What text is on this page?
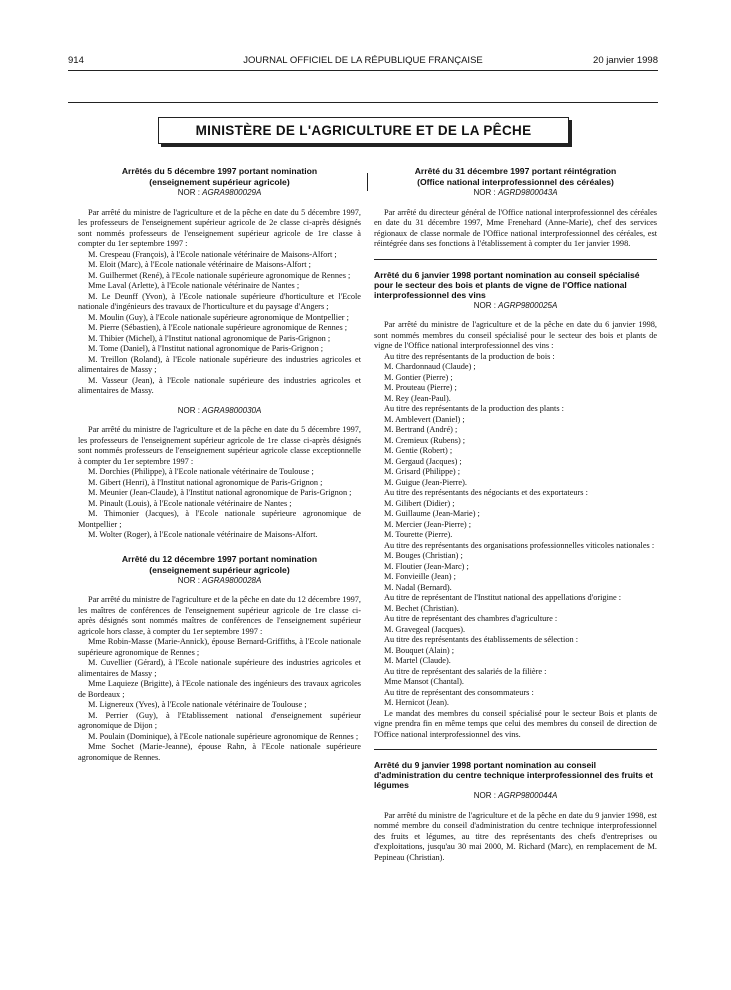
914	JOURNAL OFFICIEL DE LA RÉPUBLIQUE FRANÇAISE	20 janvier 1998
MINISTÈRE DE L'AGRICULTURE ET DE LA PÊCHE
Arrêtés du 5 décembre 1997 portant nomination
(enseignement supérieur agricole)
NOR : AGRA9800029A

Par arrêté du ministre de l'agriculture et de la pêche en date du 5 décembre 1997, les professeurs de l'enseignement supérieur agricole de 2e classe ci-après désignés sont nommés professeurs de l'enseignement supérieur agricole de 1re classe à compter du 1er septembre 1997 :

M. Crespeau (François), à l'Ecole nationale vétérinaire de Maisons-Alfort ;

M. Eloit (Marc), à l'Ecole nationale vétérinaire de Maisons-Alfort ;

M. Guilhermet (René), à l'Ecole nationale supérieure agronomique de Rennes ;

Mme Laval (Arlette), à l'Ecole nationale vétérinaire de Nantes ;

M. Le Deunff (Yvon), à l'Ecole nationale supérieure d'horticulture et l'Ecole nationale d'ingénieurs des travaux de l'horticulture et du paysage d'Angers ;

M. Moulin (Guy), à l'Ecole nationale supérieure agronomique de Montpellier ;

M. Pierre (Sébastien), à l'Ecole nationale supérieure agronomique de Rennes ;

M. Thibier (Michel), à l'Institut national agronomique de Paris-Grignon ;

M. Tome (Daniel), à l'Institut national agronomique de Paris-Grignon ;

M. Treillon (Roland), à l'Ecole nationale supérieure des industries agricoles et alimentaires de Massy ;

M. Vasseur (Jean), à l'Ecole nationale supérieure des industries agricoles et alimentaires de Massy.

NOR : AGRA9800030A

Par arrêté du ministre de l'agriculture et de la pêche en date du 5 décembre 1997, les professeurs de l'enseignement supérieur agricole de 1re classe ci-après désignés sont nommés professeurs de l'enseignement supérieur agricole classe exceptionnelle à compter du 1er septembre 1997 :

M. Dorchies (Philippe), à l'Ecole nationale vétérinaire de Toulouse ;

M. Gibert (Henri), à l'Institut national agronomique de Paris-Grignon ;

M. Meunier (Jean-Claude), à l'Institut national agronomique de Paris-Grignon ;

M. Pinault (Louis), à l'Ecole nationale vétérinaire de Nantes ;

M. Thimonier (Jacques), à l'Ecole nationale supérieure agronomique de Montpellier ;

M. Wolter (Roger), à l'Ecole nationale vétérinaire de Maisons-Alfort.

Arrêté du 12 décembre 1997 portant nomination
(enseignement supérieur agricole)
NOR : AGRA9800028A

Par arrêté du ministre de l'agriculture et de la pêche en date du 12 décembre 1997, les maîtres de conférences de l'enseignement supérieur agricole de 1re classe ci-après désignés sont nommés maîtres de conférences de l'enseignement supérieur agricole hors classe, à compter du 1er septembre 1997 :

Mme Robin-Masse (Marie-Annick), épouse Bernard-Griffiths, à l'Ecole nationale supérieure agronomique de Rennes ;

M. Cuvellier (Gérard), à l'Ecole nationale supérieure des industries agricoles et alimentaires de Massy ;

Mme Laquieze (Brigitte), à l'Ecole nationale des ingénieurs des travaux agricoles de Bordeaux ;

M. Lignereux (Yves), à l'Ecole nationale vétérinaire de Toulouse ;

M. Perrier (Guy), à l'Etablissement national d'enseignement supérieur agronomique de Dijon ;

M. Poulain (Dominique), à l'Ecole nationale supérieure agronomique de Rennes ;

Mme Sochet (Marie-Jeanne), épouse Rahn, à l'Ecole nationale supérieure agronomique de Rennes.

Arrêté du 31 décembre 1997 portant réintégration
(Office national interprofessionnel des céréales)
NOR : AGRD9800043A

Par arrêté du directeur général de l'Office national interprofessionnel des céréales en date du 31 décembre 1997, Mme Frenehard (Anne-Marie), chef des services régionaux de classe normale de l'Office national interprofessionnel des céréales, est réintégrée dans ses fonctions à l'établissement à compter du 1er janvier 1998.

Arrêté du 6 janvier 1998 portant nomination au conseil spécialisé pour le secteur des bois et plants de vigne de l'Office national interprofessionnel des vins
NOR : AGRP9800025A

Par arrêté du ministre de l'agriculture et de la pêche en date du 6 janvier 1998, sont nommés membres du conseil spécialisé pour le secteur des bois et plants de vigne de l'Office national interprofessionnel des vins :

Au titre des représentants de la production de bois :

M. Chardonnaud (Claude) ;

M. Gontier (Pierre) ;

M. Prouteau (Pierre) ;

M. Rey (Jean-Paul).

Au titre des représentants de la production des plants :

M. Amblevert (Daniel) ;

M. Bertrand (André) ;

M. Cremieux (Rubens) ;

M. Gentie (Robert) ;

M. Gergaud (Jacques) ;

M. Grisard (Philippe) ;

M. Guigue (Jean-Pierre).

Au titre des représentants des négociants et des exportateurs :

M. Gilibert (Didier) ;

M. Guillaume (Jean-Marie) ;

M. Mercier (Jean-Pierre) ;

M. Tourette (Pierre).

Au titre des représentants des organisations professionnelles viticoles nationales :

M. Bouges (Christian) ;

M. Floutier (Jean-Marc) ;

M. Fonvieille (Jean) ;

M. Nadal (Bernard).

Au titre de représentant de l'Institut national des appellations d'origine :

M. Bechet (Christian).

Au titre de représentant des chambres d'agriculture :

M. Gravegeal (Jacques).

Au titre des représentants des établissements de sélection :

M. Bouquet (Alain) ;

M. Martel (Claude).

Au titre de représentant des salariés de la filière :

Mme Mansot (Chantal).

Au titre de représentant des consommateurs :

M. Hernicot (Jean).

Le mandat des membres du conseil spécialisé pour le secteur Bois et plants de vigne prendra fin en même temps que celui des membres du conseil de direction de l'Office national interprofessionnel des vins.

Arrêté du 9 janvier 1998 portant nomination au conseil d'administration du centre technique interprofessionnel des fruits et légumes
NOR : AGRP9800044A

Par arrêté du ministre de l'agriculture et de la pêche en date du 9 janvier 1998, est nommé membre du conseil d'administration du centre technique interprofessionnel des fruits et légumes, au titre des représentants des chefs d'entreprises ou d'exploitations, jusqu'au 30 mai 2000, M. Richard (Marc), en remplacement de M. Pepineau (Christian).
